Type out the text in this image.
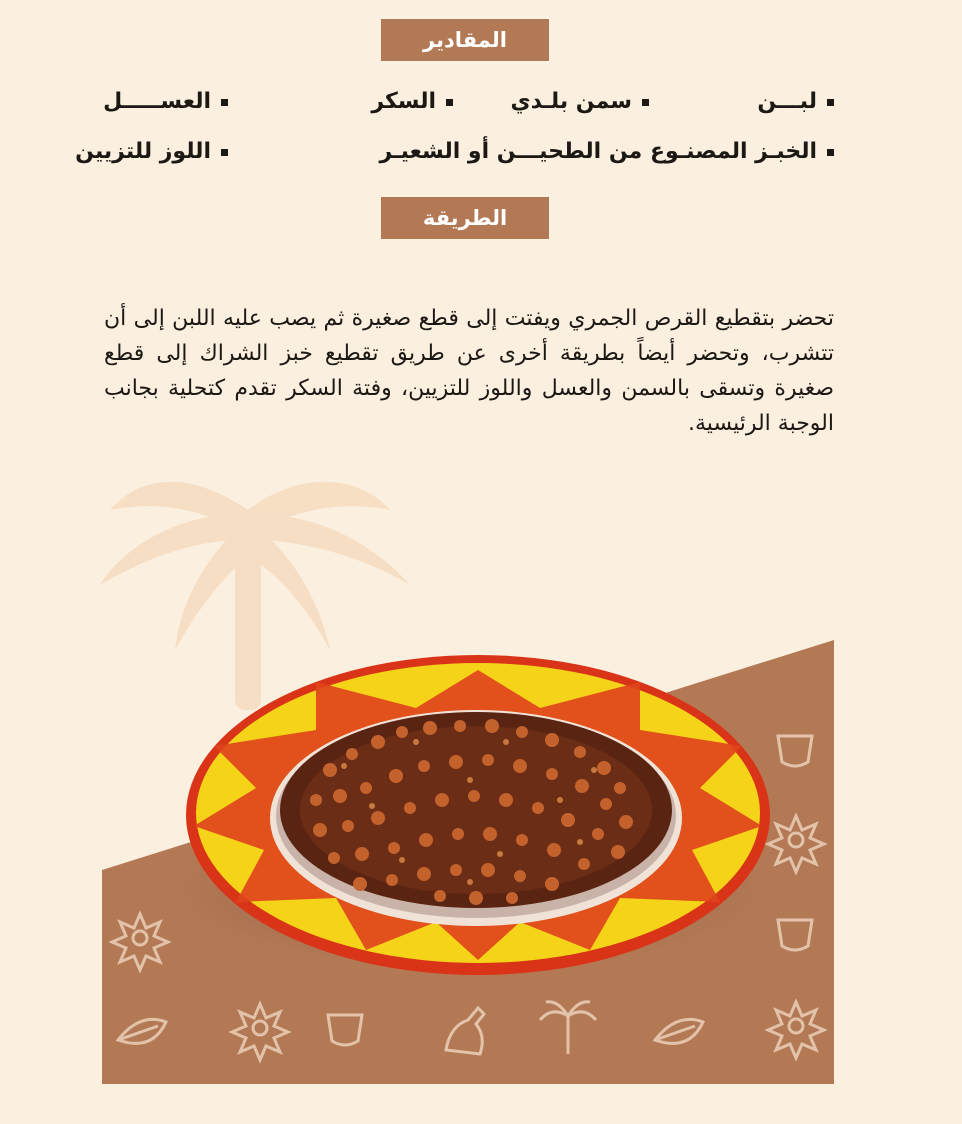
المقادير
لبـــن
سمن بلـدي
السكر
العســـــل
الخبـز المصنـوع من الطحيـــن أو الشعيـر
اللوز للتزيين
الطريقة
تحضر بتقطيع القرص الجمري ويفتت إلى قطع صغيرة ثم يصب عليه اللبن إلى أن تتشرب، وتحضر أيضاً بطريقة أخرى عن طريق تقطيع خبز الشراك إلى قطع صغيرة وتسقى بالسمن والعسل واللوز للتزيين، وفتة السكر تقدم كتحلية بجانب الوجبة الرئيسية.
